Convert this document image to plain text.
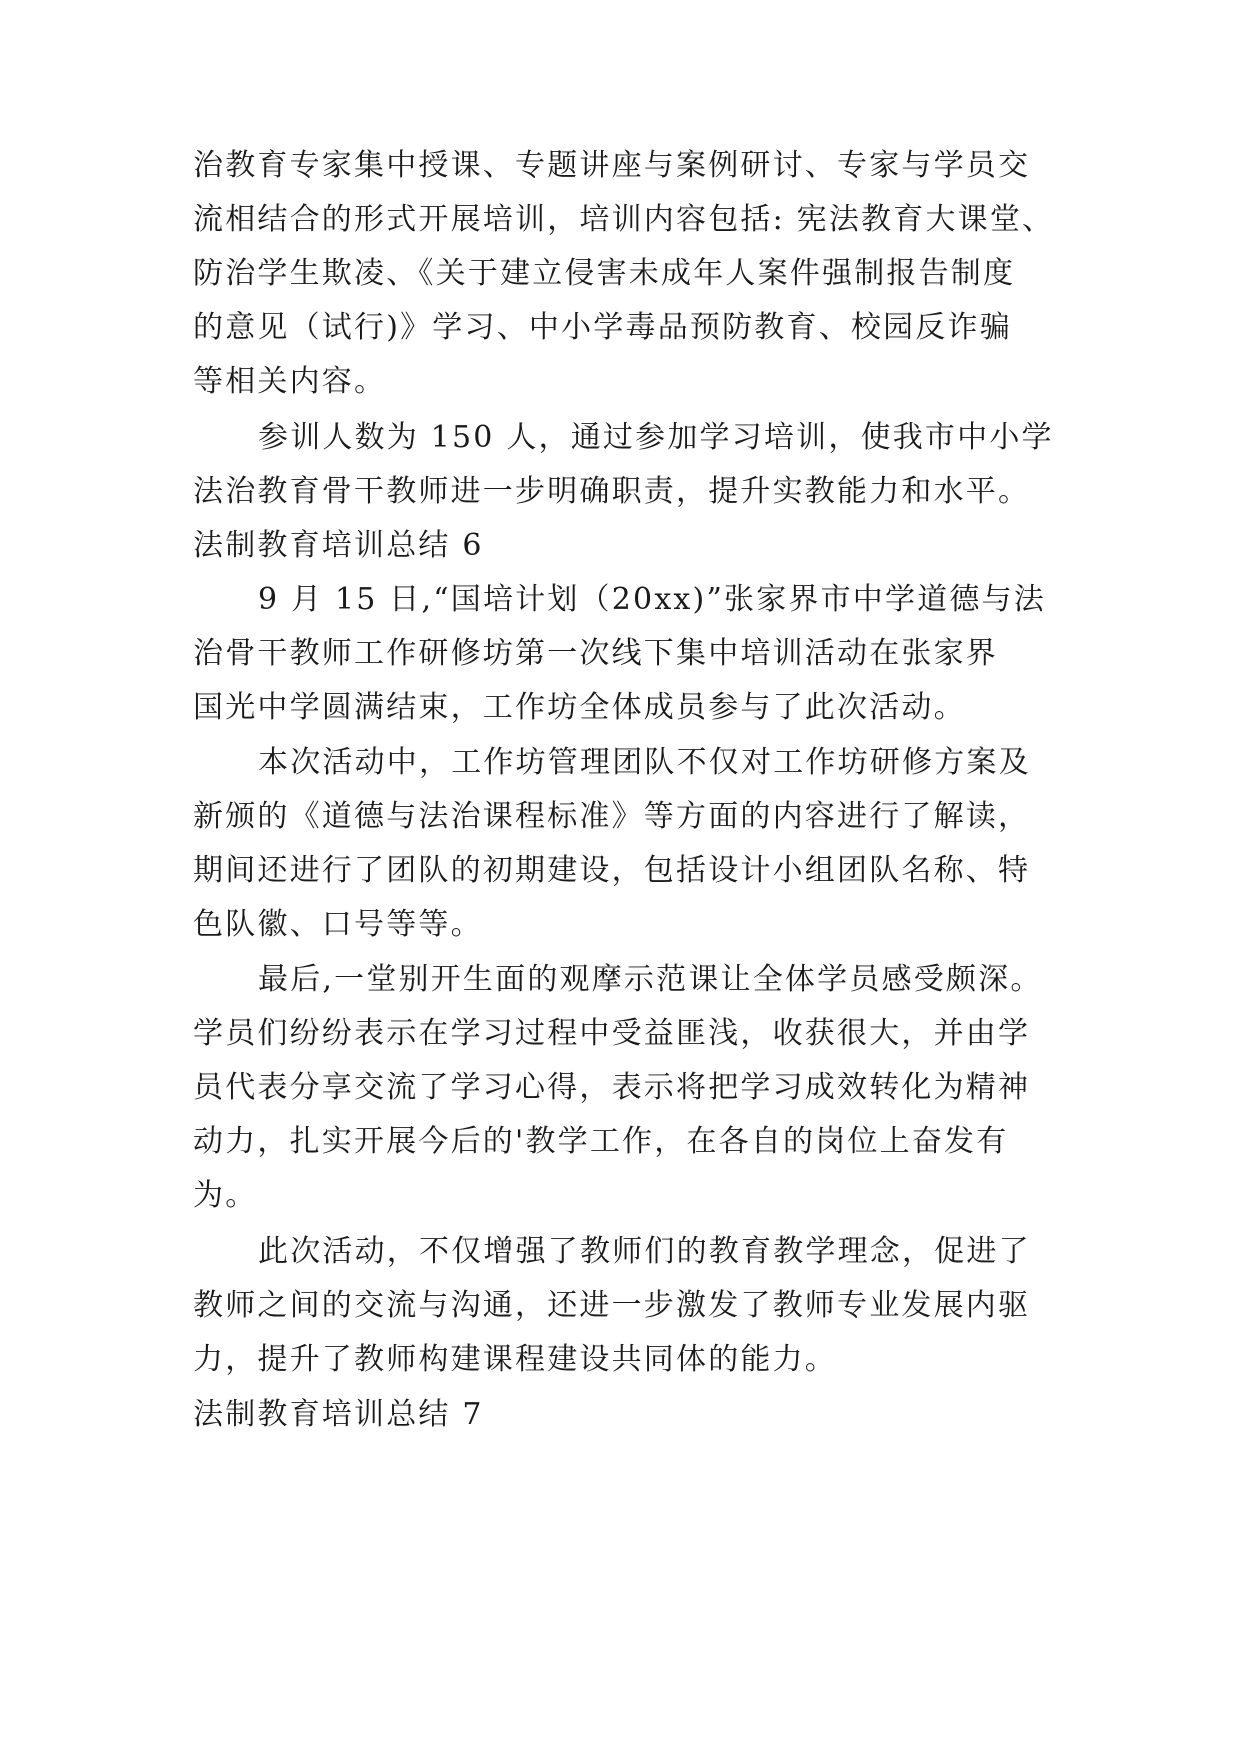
治教育专家集中授课、专题讲座与案例研讨、专家与学员交
流相结合的形式开展培训，培训内容包括: 宪法教育大课堂、
防治学生欺凌、《关于建立侵害未成年人案件强制报告制度
的意见（试行)》学习、中小学毒品预防教育、校园反诈骗
等相关内容。
参训人数为 150 人，通过参加学习培训，使我市中小学
法治教育骨干教师进一步明确职责，提升实教能力和水平。
法制教育培训总结 6
9 月 15 日,“国培计划（20xx)”张家界市中学道德与法
治骨干教师工作研修坊第一次线下集中培训活动在张家界
国光中学圆满结束，工作坊全体成员参与了此次活动。
本次活动中，工作坊管理团队不仅对工作坊研修方案及
新颁的《道德与法治课程标准》等方面的内容进行了解读，
期间还进行了团队的初期建设，包括设计小组团队名称、特
色队徽、口号等等。
最后,一堂别开生面的观摩示范课让全体学员感受颇深。
学员们纷纷表示在学习过程中受益匪浅，收获很大，并由学
员代表分享交流了学习心得，表示将把学习成效转化为精神
动力，扎实开展今后的'教学工作，在各自的岗位上奋发有
为。
此次活动，不仅增强了教师们的教育教学理念，促进了
教师之间的交流与沟通，还进一步激发了教师专业发展内驱
力，提升了教师构建课程建设共同体的能力。
法制教育培训总结 7
